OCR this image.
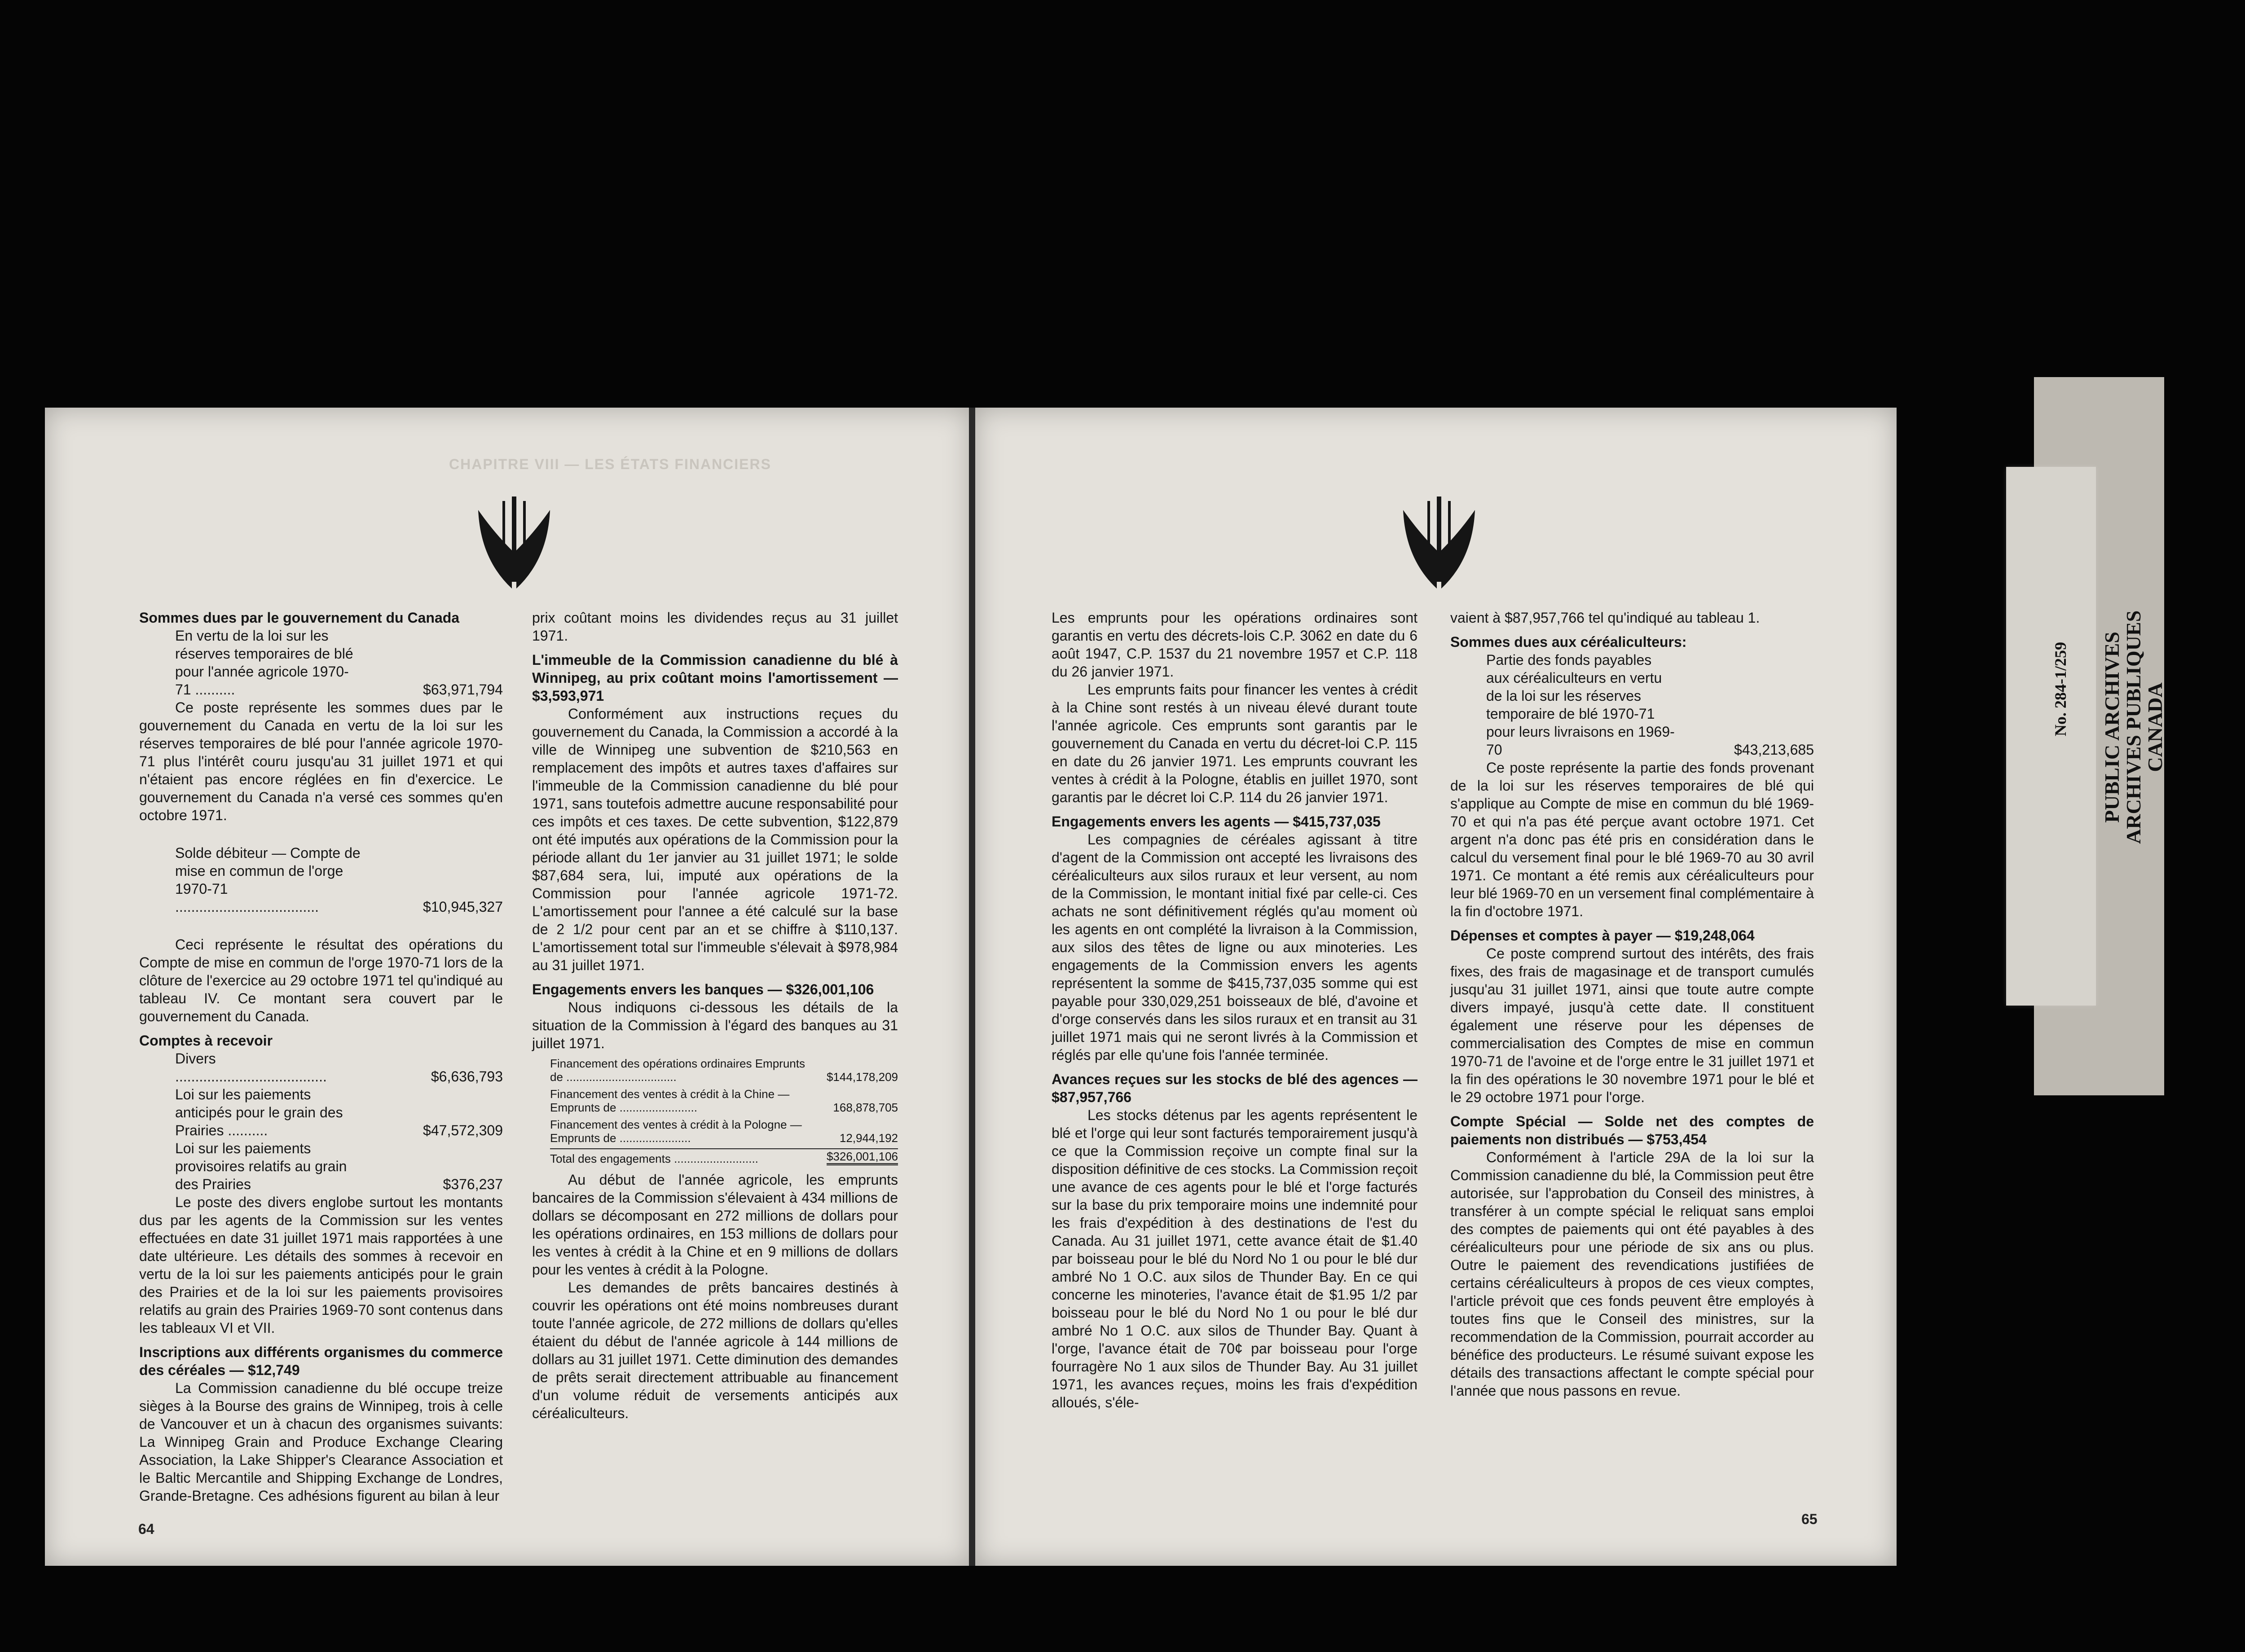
No. 284-1/259 PUBLIC ARCHIVES
ARCHIVES PUBLIQUES
CANADA
CHAPITRE VIII — LES ÉTATS FINANCIERS

Sommes dues par le gouvernement du Canada

En vertu de la loi sur les réserves temporaires de blé pour l'année agricole 1970-71 ..........	$63,971,794

Ce poste représente les sommes dues par le gouvernement du Canada en vertu de la loi sur les réserves temporaires de blé pour l'année agricole 1970-71 plus l'intérêt couru jusqu'au 31 juillet 1971 et qui n'étaient pas encore réglées en fin d'exercice. Le gouvernement du Canada n'a versé ces sommes qu'en octobre 1971.

Solde débiteur — Compte de mise en commun de l'orge 1970-71 ....................................	$10,945,327

Ceci représente le résultat des opérations du Compte de mise en commun de l'orge 1970-71 lors de la clôture de l'exercice au 29 octobre 1971 tel qu'indiqué au tableau IV. Ce montant sera couvert par le gouvernement du Canada.

Comptes à recevoir

Divers ......................................	$6,636,793
Loi sur les paiements anticipés pour le grain des Prairies ..........	$47,572,309
Loi sur les paiements provisoires relatifs au grain des Prairies	$376,237

Le poste des divers englobe surtout les montants dus par les agents de la Commission sur les ventes effectuées en date 31 juillet 1971 mais rapportées à une date ultérieure. Les détails des sommes à recevoir en vertu de la loi sur les paiements anticipés pour le grain des Prairies et de la loi sur les paiements provisoires relatifs au grain des Prairies 1969-70 sont contenus dans les tableaux VI et VII.

Inscriptions aux différents organismes du commerce des céréales — $12,749

La Commission canadienne du blé occupe treize sièges à la Bourse des grains de Winnipeg, trois à celle de Vancouver et un à chacun des organismes suivants: La Winnipeg Grain and Produce Exchange Clearing Association, la Lake Shipper's Clearance Association et le Baltic Mercantile and Shipping Exchange de Londres, Grande-Bretagne. Ces adhésions figurent au bilan à leur

prix coûtant moins les dividendes reçus au 31 juillet 1971.

L'immeuble de la Commission canadienne du blé à Winnipeg, au prix coûtant moins l'amortissement — $3,593,971

Conformément aux instructions reçues du gouvernement du Canada, la Commission a accordé à la ville de Winnipeg une subvention de $210,563 en remplacement des impôts et autres taxes d'affaires sur l'immeuble de la Commission canadienne du blé pour 1971, sans toutefois admettre aucune responsabilité pour ces impôts et ces taxes. De cette subvention, $122,879 ont été imputés aux opérations de la Commission pour la période allant du 1er janvier au 31 juillet 1971; le solde $87,684 sera, lui, imputé aux opérations de la Commission pour l'année agricole 1971-72. L'amortissement pour l'annee a été calculé sur la base de 2 1/2 pour cent par an et se chiffre à $110,137. L'amortissement total sur l'immeuble s'élevait à $978,984 au 31 juillet 1971.

Engagements envers les banques — $326,001,106

Nous indiquons ci-dessous les détails de la situation de la Commission à l'égard des banques au 31 juillet 1971.

Financement des opérations ordinaires Emprunts de ..................................	$144,178,209
Financement des ventes à crédit à la Chine — Emprunts de ........................	168,878,705
Financement des ventes à crédit à la Pologne — Emprunts de ......................	12,944,192
Total des engagements ..........................	$326,001,106

Au début de l'année agricole, les emprunts bancaires de la Commission s'élevaient à 434 millions de dollars se décomposant en 272 millions de dollars pour les opérations ordinaires, en 153 millions de dollars pour les ventes à crédit à la Chine et en 9 millions de dollars pour les ventes à crédit à la Pologne.

Les demandes de prêts bancaires destinés à couvrir les opérations ont été moins nombreuses durant toute l'année agricole, de 272 millions de dollars qu'elles étaient du début de l'année agricole à 144 millions de dollars au 31 juillet 1971. Cette diminution des demandes de prêts serait directement attribuable au financement d'un volume réduit de versements anticipés aux céréaliculteurs.

64

Les emprunts pour les opérations ordinaires sont garantis en vertu des décrets-lois C.P. 3062 en date du 6 août 1947, C.P. 1537 du 21 novembre 1957 et C.P. 118 du 26 janvier 1971.

Les emprunts faits pour financer les ventes à crédit à la Chine sont restés à un niveau élevé durant toute l'année agricole. Ces emprunts sont garantis par le gouvernement du Canada en vertu du décret-loi C.P. 115 en date du 26 janvier 1971. Les emprunts couvrant les ventes à crédit à la Pologne, établis en juillet 1970, sont garantis par le décret loi C.P. 114 du 26 janvier 1971.

Engagements envers les agents — $415,737,035

Les compagnies de céréales agissant à titre d'agent de la Commission ont accepté les livraisons des céréaliculteurs aux silos ruraux et leur versent, au nom de la Commission, le montant initial fixé par celle-ci. Ces achats ne sont définitivement réglés qu'au moment où les agents en ont complété la livraison à la Commission, aux silos des têtes de ligne ou aux minoteries. Les engagements de la Commission envers les agents représentent la somme de $415,737,035 somme qui est payable pour 330,029,251 boisseaux de blé, d'avoine et d'orge conservés dans les silos ruraux et en transit au 31 juillet 1971 mais qui ne seront livrés à la Commission et réglés par elle qu'une fois l'année terminée.

Avances reçues sur les stocks de blé des agences — $87,957,766

Les stocks détenus par les agents représentent le blé et l'orge qui leur sont facturés temporairement jusqu'à ce que la Commission reçoive un compte final sur la disposition définitive de ces stocks. La Commission reçoit une avance de ces agents pour le blé et l'orge facturés sur la base du prix temporaire moins une indemnité pour les frais d'expédition à des destinations de l'est du Canada. Au 31 juillet 1971, cette avance était de $1.40 par boisseau pour le blé du Nord No 1 ou pour le blé dur ambré No 1 O.C. aux silos de Thunder Bay. En ce qui concerne les minoteries, l'avance était de $1.95 1/2 par boisseau pour le blé du Nord No 1 ou pour le blé dur ambré No 1 O.C. aux silos de Thunder Bay. Quant à l'orge, l'avance était de 70¢ par boisseau pour l'orge fourragère No 1 aux silos de Thunder Bay. Au 31 juillet 1971, les avances reçues, moins les frais d'expédition alloués, s'éle-

vaient à $87,957,766 tel qu'indiqué au tableau 1.

Sommes dues aux céréaliculteurs:

Partie des fonds payables aux céréaliculteurs en vertu de la loi sur les réserves temporaire de blé 1970-71 pour leurs livraisons en 1969-70	$43,213,685

Ce poste représente la partie des fonds provenant de la loi sur les réserves temporaires de blé qui s'applique au Compte de mise en commun du blé 1969-70 et qui n'a pas été perçue avant octobre 1971. Cet argent n'a donc pas été pris en considération dans le calcul du versement final pour le blé 1969-70 au 30 avril 1971. Ce montant a été remis aux céréaliculteurs pour leur blé 1969-70 en un versement final complémentaire à la fin d'octobre 1971.

Dépenses et comptes à payer — $19,248,064

Ce poste comprend surtout des intérêts, des frais fixes, des frais de magasinage et de transport cumulés jusqu'au 31 juillet 1971, ainsi que toute autre compte divers impayé, jusqu'à cette date. Il constituent également une réserve pour les dépenses de commercialisation des Comptes de mise en commun 1970-71 de l'avoine et de l'orge entre le 31 juillet 1971 et la fin des opérations le 30 novembre 1971 pour le blé et le 29 octobre 1971 pour l'orge.

Compte Spécial — Solde net des comptes de paiements non distribués — $753,454

Conformément à l'article 29A de la loi sur la Commission canadienne du blé, la Commission peut être autorisée, sur l'approbation du Conseil des ministres, à transférer à un compte spécial le reliquat sans emploi des comptes de paiements qui ont été payables à des céréaliculteurs pour une période de six ans ou plus. Outre le paiement des revendications justifiées de certains céréaliculteurs à propos de ces vieux comptes, l'article prévoit que ces fonds peuvent être employés à toutes fins que le Conseil des ministres, sur la recommendation de la Commission, pourrait accorder au bénéfice des producteurs. Le résumé suivant expose les détails des transactions affectant le compte spécial pour l'année que nous passons en revue.

65
